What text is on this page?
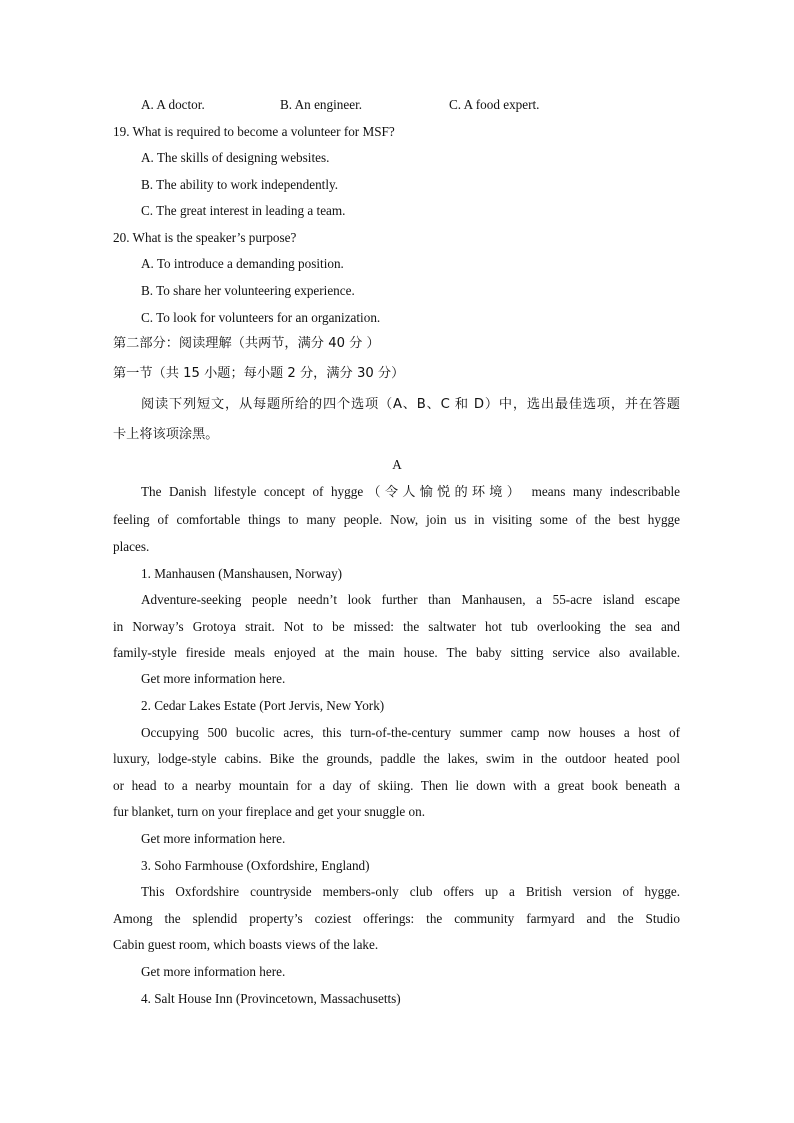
A. A doctor.	B. An engineer.	C. A food expert.
19. What is required to become a volunteer for MSF?
A. The skills of designing websites.
B. The ability to work independently.
C. The great interest in leading a team.
20. What is the speaker’s purpose?
A. To introduce a demanding position.
B. To share her volunteering experience.
C. To look for volunteers for an organization.
第二部分：阅读理解（共两节，满分 40 分 ）
第一节（共 15 小题；每小题 2 分，满分 30 分）
阅读下列短文，从每题所给的四个选项（A、B、C 和 D）中，选出最佳选项，并在答题
卡上将该项涂黑。
A
The Danish lifestyle concept of hygge（令人愉悦的环境） means many indescribable
feeling of comfortable things to many people. Now, join us in visiting some of the best hygge
places.
1. Manhausen (Manshausen, Norway)
Adventure-seeking people needn’t look further than Manhausen, a 55-acre island escape
in Norway’s Grotoya strait. Not to be missed: the saltwater hot tub overlooking the sea and
family-style fireside meals enjoyed at the main house. The baby sitting service also available.
Get more information here.
2. Cedar Lakes Estate (Port Jervis, New York)
Occupying 500 bucolic acres, this turn-of-the-century summer camp now houses a host of
luxury, lodge-style cabins. Bike the grounds, paddle the lakes, swim in the outdoor heated pool
or head to a nearby mountain for a day of skiing. Then lie down with a great book beneath a
fur blanket, turn on your fireplace and get your snuggle on.
Get more information here.
3. Soho Farmhouse (Oxfordshire, England)
This Oxfordshire countryside members-only club offers up a British version of hygge.
Among the splendid property’s coziest offerings: the community farmyard and the Studio
Cabin guest room, which boasts views of the lake.
Get more information here.
4. Salt House Inn (Provincetown, Massachusetts)
